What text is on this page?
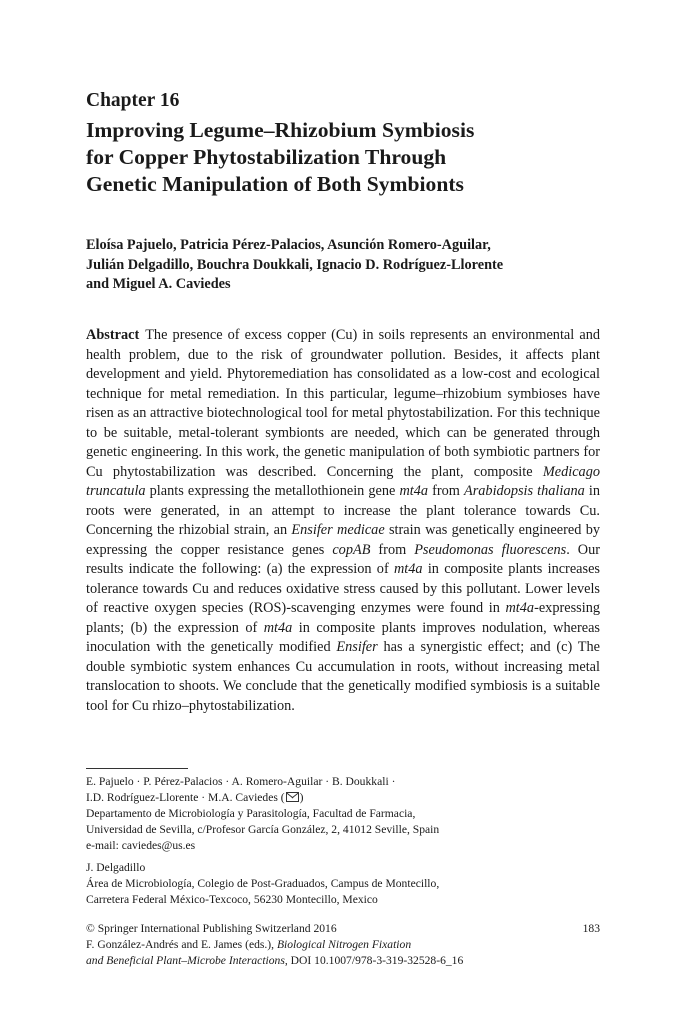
Chapter 16
Improving Legume–Rhizobium Symbiosis
for Copper Phytostabilization Through
Genetic Manipulation of Both Symbionts
Eloísa Pajuelo, Patricia Pérez-Palacios, Asunción Romero-Aguilar,
Julián Delgadillo, Bouchra Doukkali, Ignacio D. Rodríguez-Llorente
and Miguel A. Caviedes
Abstract The presence of excess copper (Cu) in soils represents an environmental and health problem, due to the risk of groundwater pollution. Besides, it affects plant development and yield. Phytoremediation has consolidated as a low-cost and ecological technique for metal remediation. In this particular, legume–rhizobium symbioses have risen as an attractive biotechnological tool for metal phytostabilization. For this technique to be suitable, metal-tolerant symbionts are needed, which can be generated through genetic engineering. In this work, the genetic manipulation of both symbiotic partners for Cu phytostabilization was described. Concerning the plant, composite Medicago truncatula plants expressing the metallothionein gene mt4a from Arabidopsis thaliana in roots were generated, in an attempt to increase the plant tolerance towards Cu. Concerning the rhizobial strain, an Ensifer medicae strain was genetically engineered by expressing the copper resistance genes copAB from Pseudomonas fluorescens. Our results indicate the following: (a) the expression of mt4a in composite plants increases tolerance towards Cu and reduces oxidative stress caused by this pollutant. Lower levels of reactive oxygen species (ROS)-scavenging enzymes were found in mt4a-expressing plants; (b) the expression of mt4a in composite plants improves nodulation, whereas inoculation with the genetically modified Ensifer has a synergistic effect; and (c) The double symbiotic system enhances Cu accumulation in roots, without increasing metal translocation to shoots. We conclude that the genetically modified symbiosis is a suitable tool for Cu rhizo–phytostabilization.
E. Pajuelo · P. Pérez-Palacios · A. Romero-Aguilar · B. Doukkali ·
I.D. Rodríguez-Llorente · M.A. Caviedes ( )
Departamento de Microbiología y Parasitología, Facultad de Farmacia,
Universidad de Sevilla, c/Profesor García González, 2, 41012 Seville, Spain
e-mail: caviedes@us.es
J. Delgadillo
Área de Microbiología, Colegio de Post-Graduados, Campus de Montecillo,
Carretera Federal México-Texcoco, 56230 Montecillo, Mexico
© Springer International Publishing Switzerland 2016
F. González-Andrés and E. James (eds.), Biological Nitrogen Fixation
and Beneficial Plant–Microbe Interactions, DOI 10.1007/978-3-319-32528-6_16
183
